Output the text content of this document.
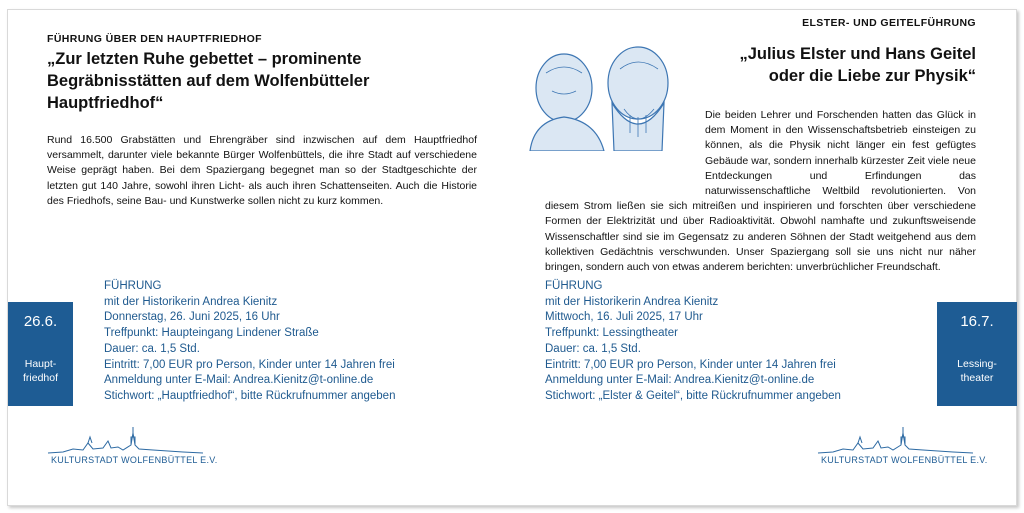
FÜHRUNG ÜBER DEN HAUPTFRIEDHOF
„Zur letzten Ruhe gebettet – prominente Begräbnisstätten auf dem Wolfenbütteler Hauptfriedhof“
Rund 16.500 Grabstätten und Ehrengräber sind inzwischen auf dem Hauptfriedhof versammelt, darunter viele bekannte Bürger Wolfenbüttels, die ihre Stadt auf verschiedene Weise geprägt haben. Bei dem Spaziergang begegnet man so der Stadtgeschichte der letzten gut 140 Jahre, sowohl ihren Licht- als auch ihren Schattenseiten. Auch die Historie des Friedhofs, seine Bau- und Kunstwerke sollen nicht zu kurz kommen.
FÜHRUNG
mit der Historikerin Andrea Kienitz
Donnerstag, 26. Juni 2025, 16 Uhr
Treffpunkt: Haupteingang Lindener Straße
Dauer: ca. 1,5 Std.
Eintritt: 7,00 EUR pro Person, Kinder unter 14 Jahren frei
Anmeldung unter E-Mail: Andrea.Kienitz@t-online.de
Stichwort: „Hauptfriedhof“, bitte Rückrufnummer angeben
26.6.
Haupt-
friedhof
KULTURSTADT WOLFENBÜTTEL E.V.
ELSTER- UND GEITELFÜHRUNG
„Julius Elster und Hans Geitel
oder die Liebe zur Physik“
Die beiden Lehrer und Forschenden hatten das Glück in dem Moment in den Wissenschaftsbetrieb einsteigen zu können, als die Physik nicht länger ein fest gefügtes Gebäude war, sondern innerhalb kürzester Zeit viele neue Entdeckungen und Erfindungen das naturwissenschaftliche Weltbild revolutionierten. Von diesem Strom ließen sie sich mitreißen und inspirieren und forschten über verschiedene Formen der Elektrizität und über Radioaktivität. Obwohl namhafte und zukunftsweisende Wissenschaftler sind sie im Gegensatz zu anderen Söhnen der Stadt weitgehend aus dem kollektiven Gedächtnis verschwunden. Unser Spaziergang soll sie uns nicht nur näher bringen, sondern auch von etwas anderem berichten: unverbrüchlicher Freundschaft.
FÜHRUNG
mit der Historikerin Andrea Kienitz
Mittwoch, 16. Juli 2025, 17 Uhr
Treffpunkt: Lessingtheater
Dauer: ca. 1,5 Std.
Eintritt: 7,00 EUR pro Person, Kinder unter 14 Jahren frei
Anmeldung unter E-Mail: Andrea.Kienitz@t-online.de
Stichwort: „Elster & Geitel“, bitte Rückrufnummer angeben
16.7.
Lessing-
theater
KULTURSTADT WOLFENBÜTTEL E.V.
